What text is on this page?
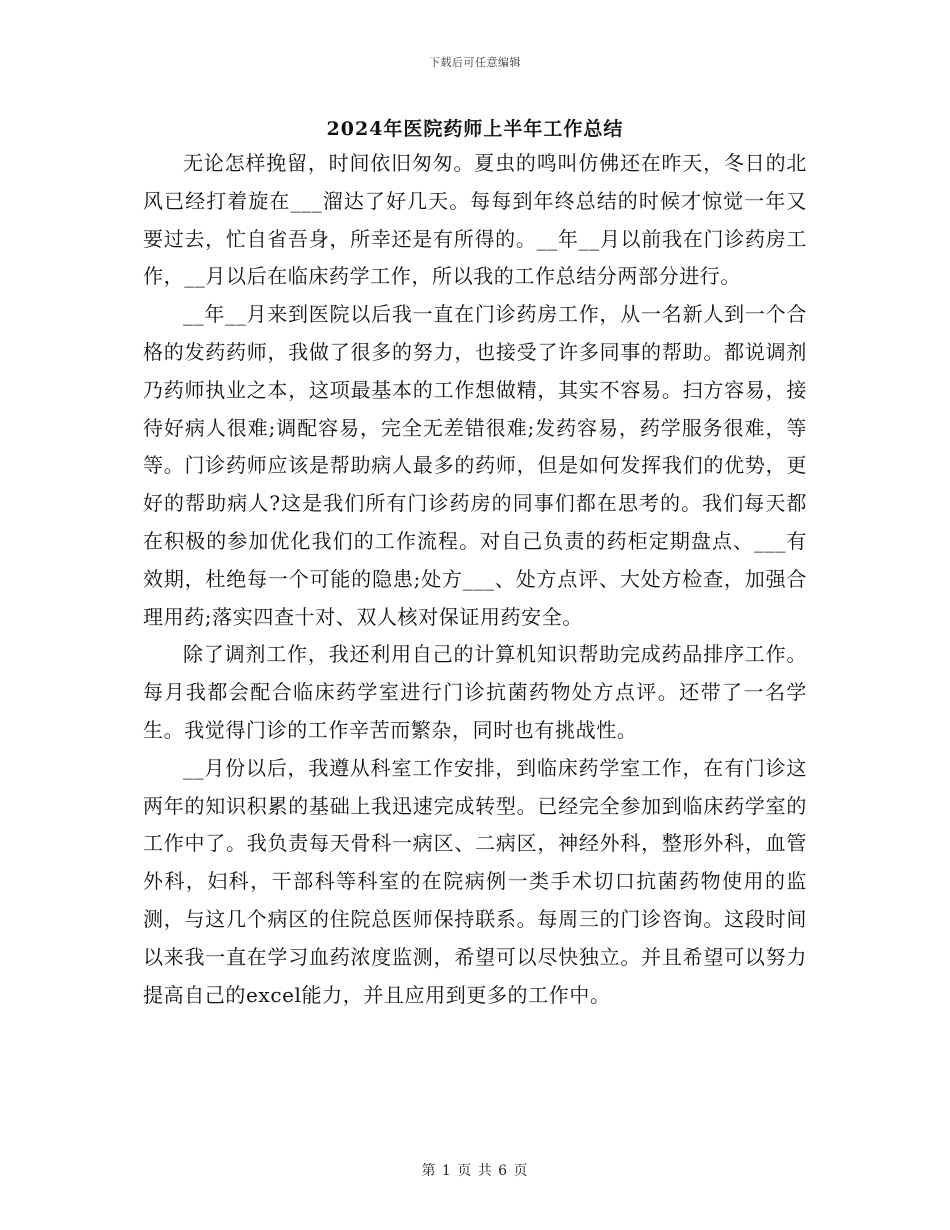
下载后可任意编辑
2024年医院药师上半年工作总结

无论怎样挽留，时间依旧匆匆。夏虫的鸣叫仿佛还在昨天，冬日的北风已经打着旋在___溜达了好几天。每每到年终总结的时候才惊觉一年又要过去，忙自省吾身，所幸还是有所得的。__年__月以前我在门诊药房工作，__月以后在临床药学工作，所以我的工作总结分两部分进行。

__年__月来到医院以后我一直在门诊药房工作，从一名新人到一个合格的发药药师，我做了很多的努力，也接受了许多同事的帮助。都说调剂乃药师执业之本，这项最基本的工作想做精，其实不容易。扫方容易，接待好病人很难;调配容易，完全无差错很难;发药容易，药学服务很难，等等。门诊药师应该是帮助病人最多的药师，但是如何发挥我们的优势，更好的帮助病人?这是我们所有门诊药房的同事们都在思考的。我们每天都在积极的参加优化我们的工作流程。对自己负责的药柜定期盘点、___有效期，杜绝每一个可能的隐患;处方___、处方点评、大处方检查，加强合理用药;落实四查十对、双人核对保证用药安全。

除了调剂工作，我还利用自己的计算机知识帮助完成药品排序工作。每月我都会配合临床药学室进行门诊抗菌药物处方点评。还带了一名学生。我觉得门诊的工作辛苦而繁杂，同时也有挑战性。

__月份以后，我遵从科室工作安排，到临床药学室工作，在有门诊这两年的知识积累的基础上我迅速完成转型。已经完全参加到临床药学室的工作中了。我负责每天骨科一病区、二病区，神经外科，整形外科，血管外科，妇科，干部科等科室的在院病例一类手术切口抗菌药物使用的监测，与这几个病区的住院总医师保持联系。每周三的门诊咨询。这段时间以来我一直在学习血药浓度监测，希望可以尽快独立。并且希望可以努力提高自己的excel能力，并且应用到更多的工作中。

第 1 页 共 6 页
